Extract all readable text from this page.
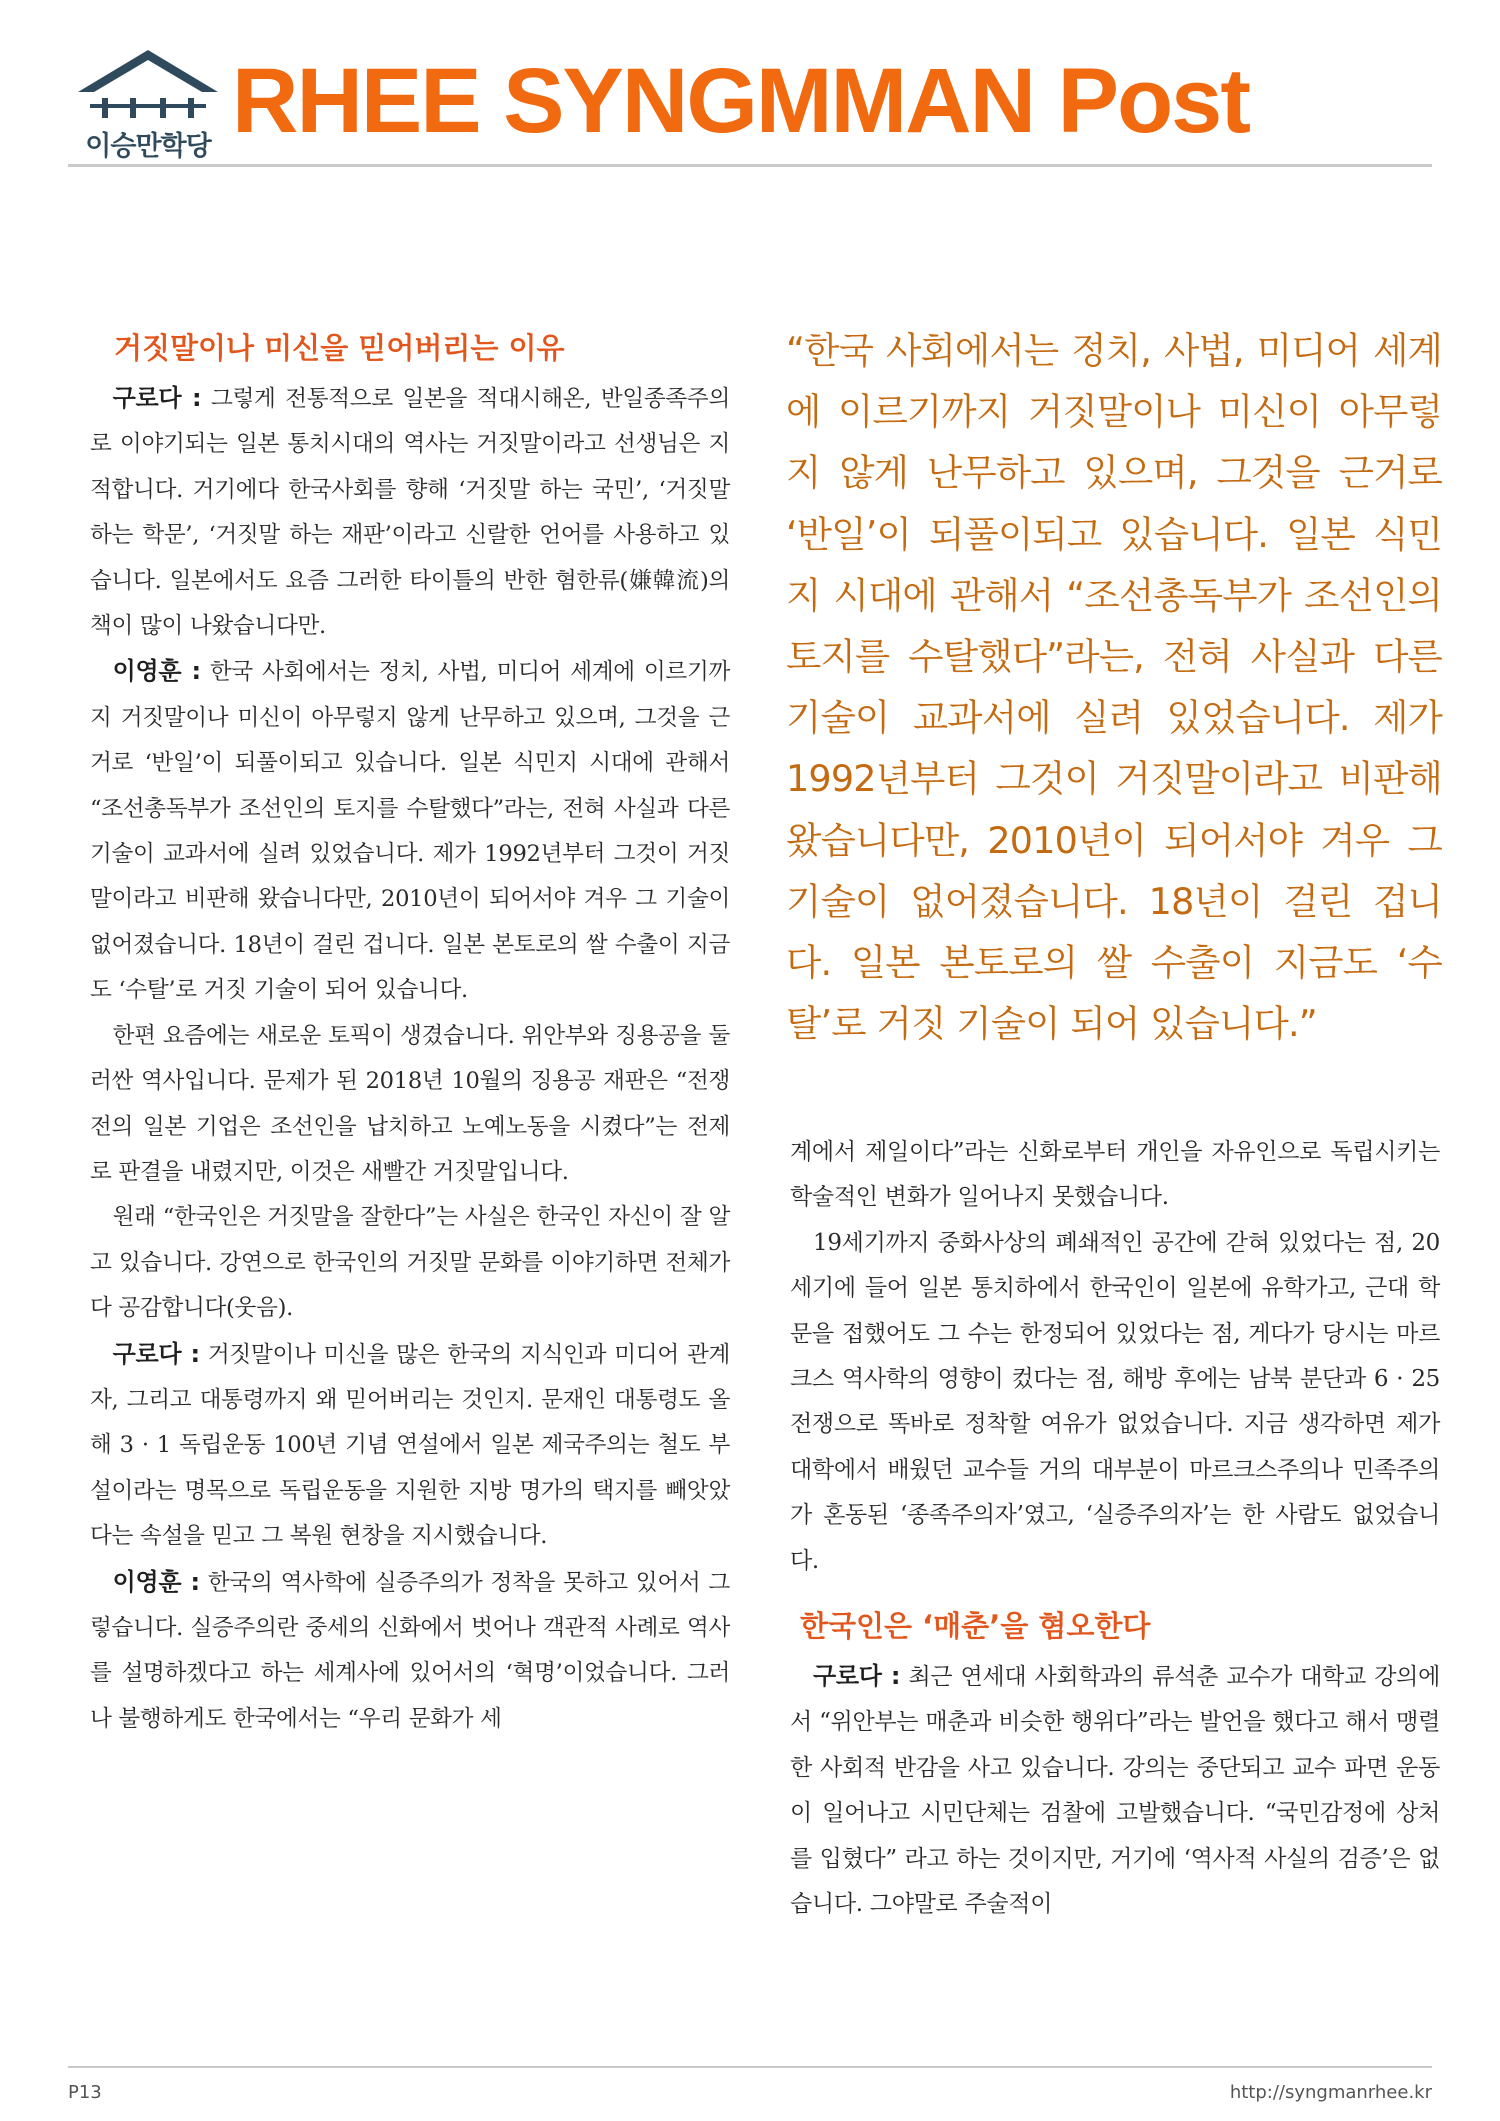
이승만학당 RHEE SYNGMMAN Post
거짓말이나 미신을 믿어버리는 이유

구로다 : 그렇게 전통적으로 일본을 적대시해온, 반일종족주의로 이야기되는 일본 통치시대의 역사는 거짓말이라고 선생님은 지적합니다. 거기에다 한국사회를 향해 ‘거짓말 하는 국민’, ‘거짓말 하는 학문’, ‘거짓말 하는 재판’이라고 신랄한 언어를 사용하고 있습니다. 일본에서도 요즘 그러한 타이틀의 반한 혐한류(嫌韓流)의 책이 많이 나왔습니다만.

이영훈 : 한국 사회에서는 정치, 사법, 미디어 세계에 이르기까지 거짓말이나 미신이 아무렇지 않게 난무하고 있으며, 그것을 근거로 ‘반일’이 되풀이되고 있습니다. 일본 식민지 시대에 관해서 “조선총독부가 조선인의 토지를 수탈했다”라는, 전혀 사실과 다른 기술이 교과서에 실려 있었습니다. 제가 1992년부터 그것이 거짓말이라고 비판해 왔습니다만, 2010년이 되어서야 겨우 그 기술이 없어졌습니다. 18년이 걸린 겁니다. 일본 본토로의 쌀 수출이 지금도 ‘수탈’로 거짓 기술이 되어 있습니다.

한편 요즘에는 새로운 토픽이 생겼습니다. 위안부와 징용공을 둘러싼 역사입니다. 문제가 된 2018년 10월의 징용공 재판은 “전쟁 전의 일본 기업은 조선인을 납치하고 노예노동을 시켰다”는 전제로 판결을 내렸지만, 이것은 새빨간 거짓말입니다.

원래 “한국인은 거짓말을 잘한다”는 사실은 한국인 자신이 잘 알고 있습니다. 강연으로 한국인의 거짓말 문화를 이야기하면 전체가 다 공감합니다(웃음).

구로다 : 거짓말이나 미신을 많은 한국의 지식인과 미디어 관계자, 그리고 대통령까지 왜 믿어버리는 것인지. 문재인 대통령도 올해 3 · 1 독립운동 100년 기념 연설에서 일본 제국주의는 철도 부설이라는 명목으로 독립운동을 지원한 지방 명가의 택지를 빼앗았다는 속설을 믿고 그 복원 현창을 지시했습니다.

이영훈 : 한국의 역사학에 실증주의가 정착을 못하고 있어서 그렇습니다. 실증주의란 중세의 신화에서 벗어나 객관적 사례로 역사를 설명하겠다고 하는 세계사에 있어서의 ‘혁명’이었습니다. 그러나 불행하게도 한국에서는 “우리 문화가 세

“한국 사회에서는 정치, 사법, 미디어 세계에 이르기까지 거짓말이나 미신이 아무렇지 않게 난무하고 있으며, 그것을 근거로 ‘반일’이 되풀이되고 있습니다. 일본 식민지 시대에 관해서 “조선총독부가 조선인의 토지를 수탈했다”라는, 전혀 사실과 다른 기술이 교과서에 실려 있었습니다. 제가 1992년부터 그것이 거짓말이라고 비판해 왔습니다만, 2010년이 되어서야 겨우 그 기술이 없어졌습니다. 18년이 걸린 겁니다. 일본 본토로의 쌀 수출이 지금도 ‘수탈’로 거짓 기술이 되어 있습니다.”

계에서 제일이다”라는 신화로부터 개인을 자유인으로 독립시키는 학술적인 변화가 일어나지 못했습니다.

19세기까지 중화사상의 폐쇄적인 공간에 갇혀 있었다는 점, 20세기에 들어 일본 통치하에서 한국인이 일본에 유학가고, 근대 학문을 접했어도 그 수는 한정되어 있었다는 점, 게다가 당시는 마르크스 역사학의 영향이 컸다는 점, 해방 후에는 남북 분단과 6 · 25 전쟁으로 똑바로 정착할 여유가 없었습니다. 지금 생각하면 제가 대학에서 배웠던 교수들 거의 대부분이 마르크스주의나 민족주의가 혼동된 ‘종족주의자’였고, ‘실증주의자’는 한 사람도 없었습니다.

한국인은 ‘매춘’을 혐오한다

구로다 : 최근 연세대 사회학과의 류석춘 교수가 대학교 강의에서 “위안부는 매춘과 비슷한 행위다”라는 발언을 했다고 해서 맹렬한 사회적 반감을 사고 있습니다. 강의는 중단되고 교수 파면 운동이 일어나고 시민단체는 검찰에 고발했습니다. “국민감정에 상처를 입혔다” 라고 하는 것이지만, 거기에 ‘역사적 사실의 검증’은 없습니다. 그야말로 주술적이

P13	http://syngmanrhee.kr
